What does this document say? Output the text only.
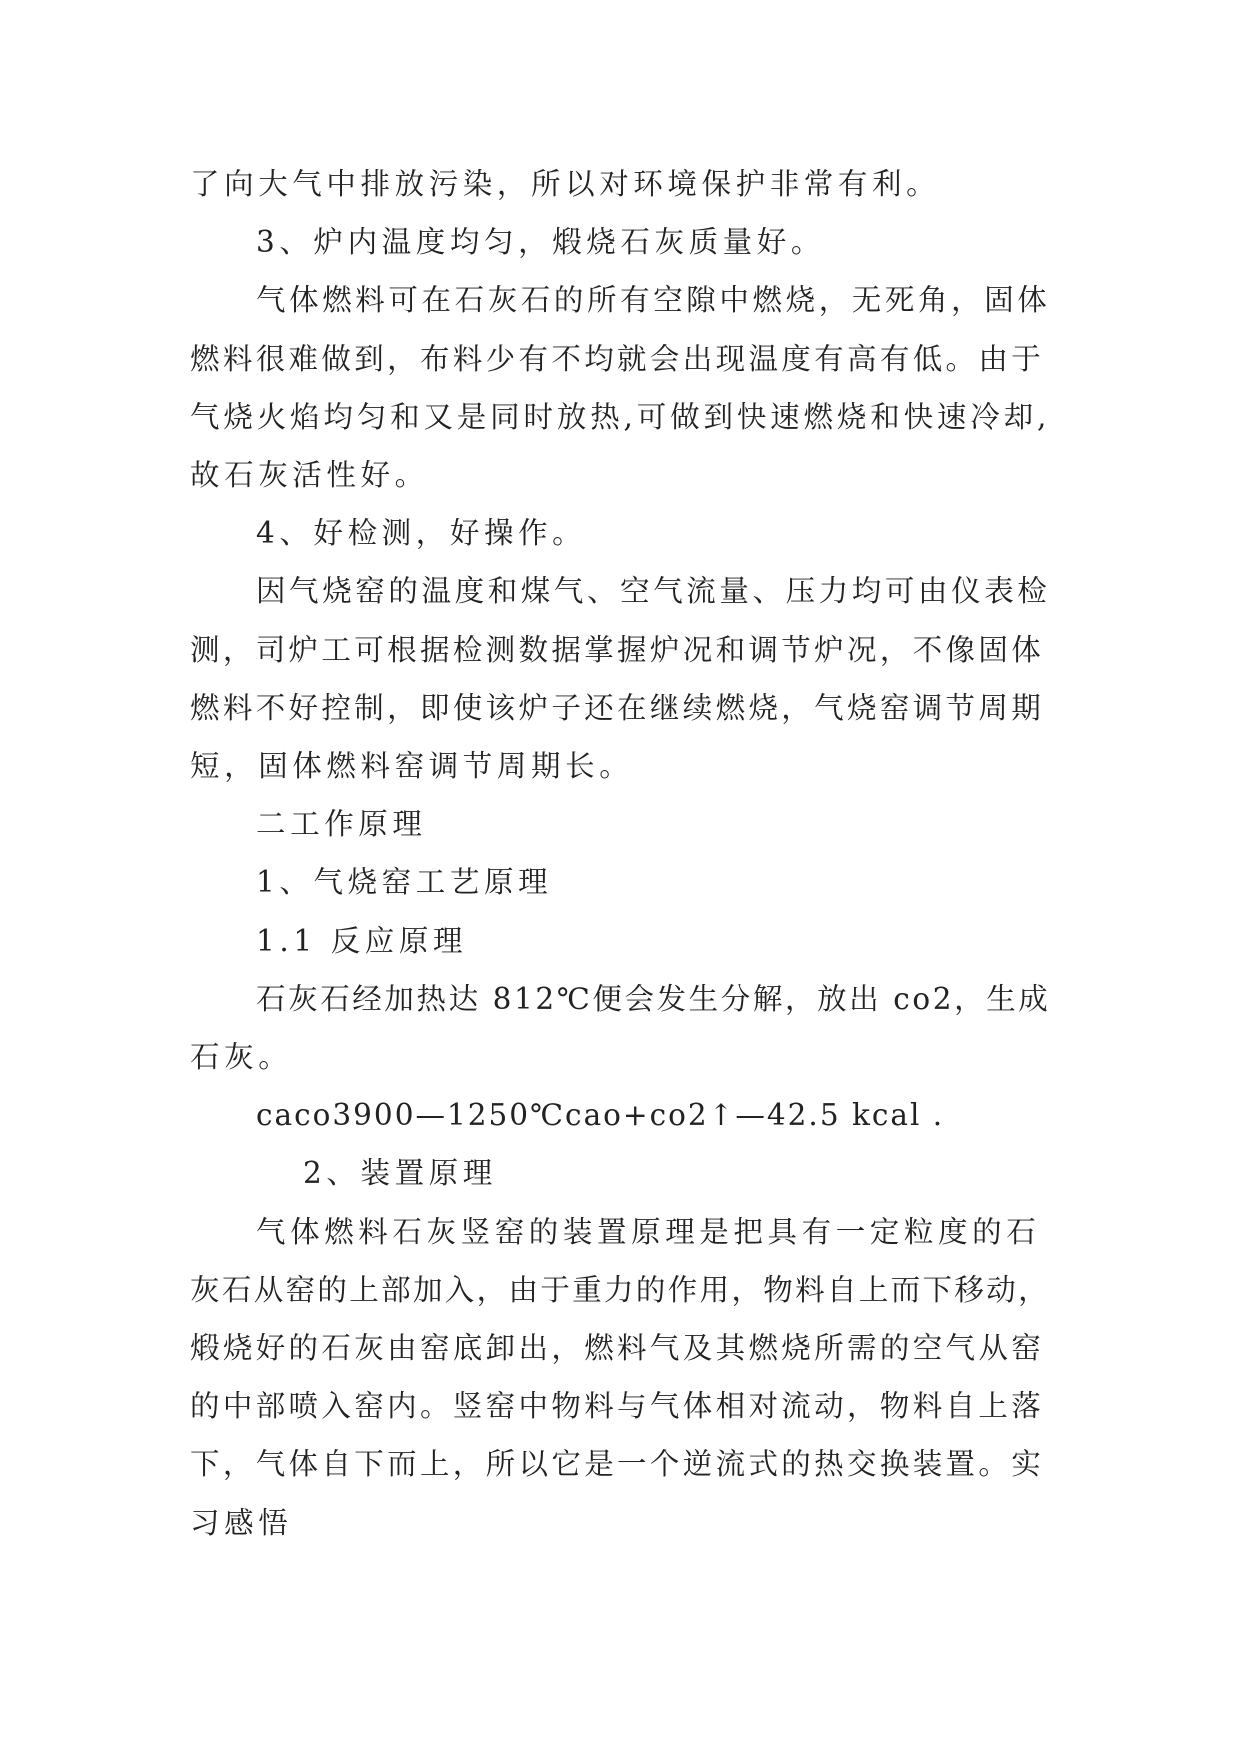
了向大气中排放污染，所以对环境保护非常有利。

3、炉内温度均匀，煅烧石灰质量好。

气体燃料可在石灰石的所有空隙中燃烧，无死角，固体

燃料很难做到，布料少有不均就会出现温度有高有低。由于

气烧火焰均匀和又是同时放热,可做到快速燃烧和快速冷却,

故石灰活性好。

4、好检测，好操作。

因气烧窑的温度和煤气、空气流量、压力均可由仪表检

测，司炉工可根据检测数据掌握炉况和调节炉况，不像固体

燃料不好控制，即使该炉子还在继续燃烧，气烧窑调节周期

短，固体燃料窑调节周期长。

二工作原理

1、气烧窑工艺原理

1.1 反应原理

石灰石经加热达 812℃便会发生分解，放出 co2，生成

石灰。

caco3900—1250℃cao+co2↑—42.5 kcal .

2、装置原理

气体燃料石灰竖窑的装置原理是把具有一定粒度的石

灰石从窑的上部加入，由于重力的作用，物料自上而下移动，

煅烧好的石灰由窑底卸出，燃料气及其燃烧所需的空气从窑

的中部喷入窑内。竖窑中物料与气体相对流动，物料自上落

下，气体自下而上，所以它是一个逆流式的热交换装置。实

习感悟
